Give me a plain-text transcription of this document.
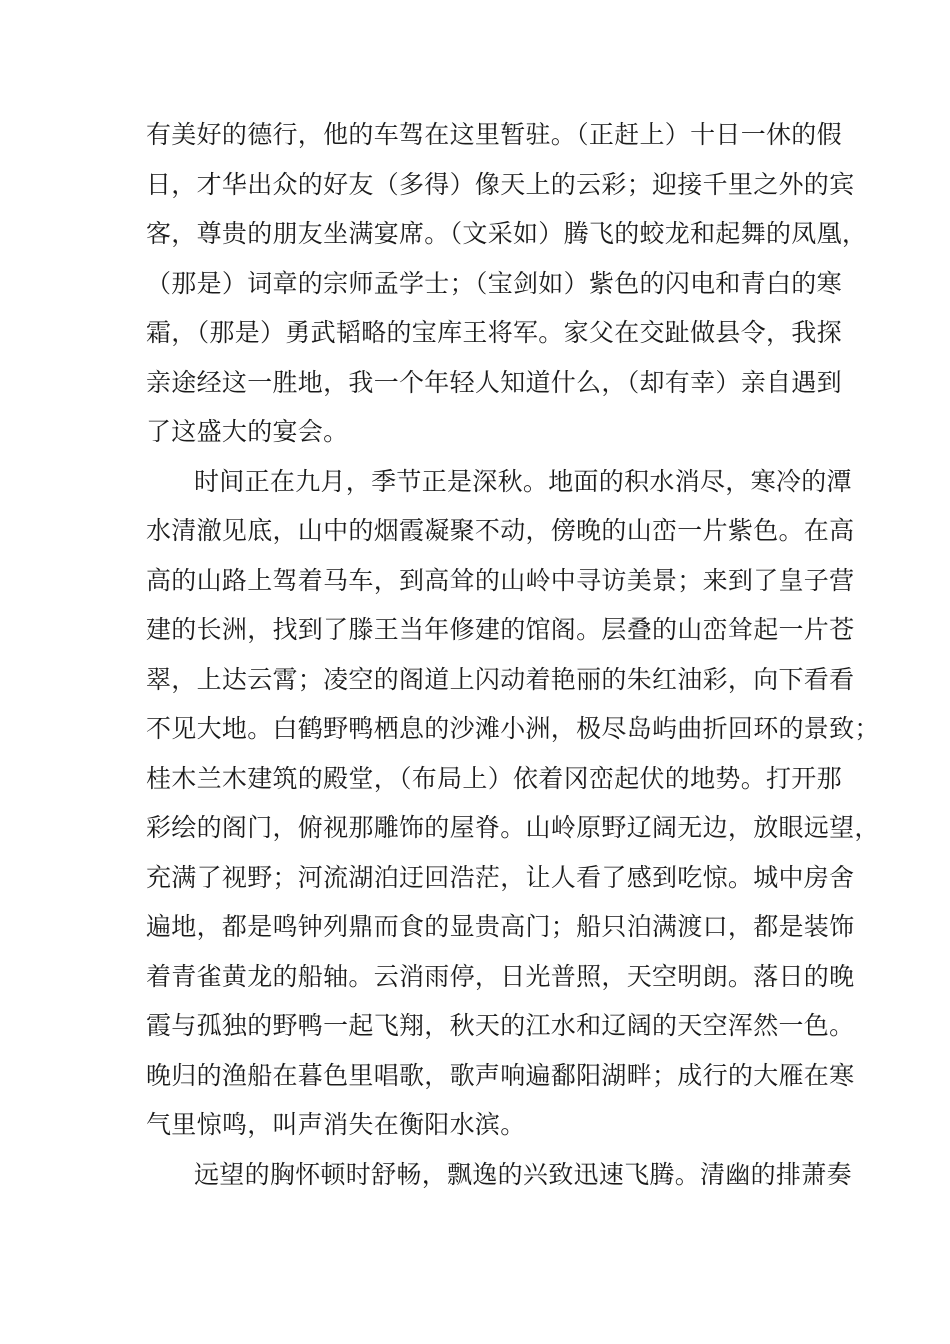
有美好的德行，他的车驾在这里暂驻。（正赶上）十日一休的假
日，才华出众的好友（多得）像天上的云彩；迎接千里之外的宾
客，尊贵的朋友坐满宴席。（文采如）腾飞的蛟龙和起舞的凤凰，
（那是）词章的宗师孟学士；（宝剑如）紫色的闪电和青白的寒
霜，（那是）勇武韬略的宝库王将军。家父在交趾做县令，我探
亲途经这一胜地，我一个年轻人知道什么，（却有幸）亲自遇到
了这盛大的宴会。
时间正在九月，季节正是深秋。地面的积水消尽，寒冷的潭
水清澈见底，山中的烟霞凝聚不动，傍晚的山峦一片紫色。在高
高的山路上驾着马车，到高耸的山岭中寻访美景；来到了皇子营
建的长洲，找到了滕王当年修建的馆阁。层叠的山峦耸起一片苍
翠，上达云霄；凌空的阁道上闪动着艳丽的朱红油彩，向下看看
不见大地。白鹤野鸭栖息的沙滩小洲，极尽岛屿曲折回环的景致；
桂木兰木建筑的殿堂，（布局上）依着冈峦起伏的地势。打开那
彩绘的阁门，俯视那雕饰的屋脊。山岭原野辽阔无边，放眼远望，
充满了视野；河流湖泊迂回浩茫，让人看了感到吃惊。城中房舍
遍地，都是鸣钟列鼎而食的显贵高门；船只泊满渡口，都是装饰
着青雀黄龙的船轴。云消雨停，日光普照，天空明朗。落日的晚
霞与孤独的野鸭一起飞翔，秋天的江水和辽阔的天空浑然一色。
晚归的渔船在暮色里唱歌，歌声响遍鄱阳湖畔；成行的大雁在寒
气里惊鸣，叫声消失在衡阳水滨。
远望的胸怀顿时舒畅，飘逸的兴致迅速飞腾。清幽的排萧奏
